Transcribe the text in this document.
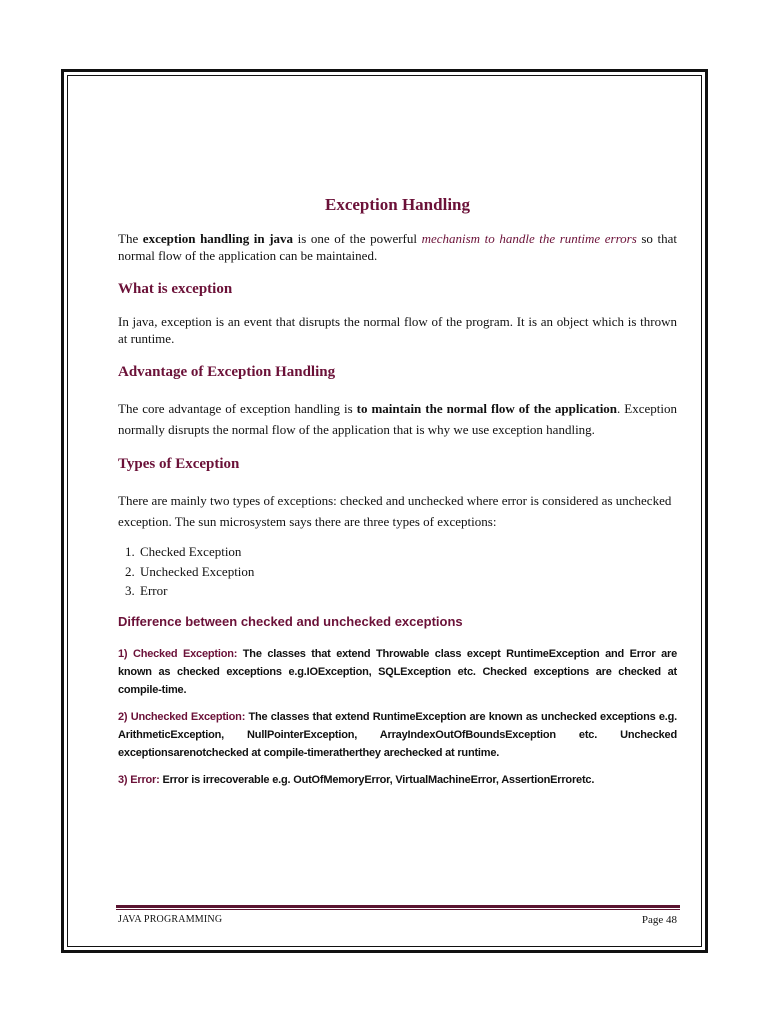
Exception Handling

The exception handling in java is one of the powerful mechanism to handle the runtime errors so that normal flow of the application can be maintained.

What is exception

In java, exception is an event that disrupts the normal flow of the program. It is an object which is thrown at runtime.

Advantage of Exception Handling

The core advantage of exception handling is to maintain the normal flow of the application. Exception normally disrupts the normal flow of the application that is why we use exception handling.

Types of Exception

There are mainly two types of exceptions: checked and unchecked where error is considered as unchecked exception. The sun microsystem says there are three types of exceptions:

1. Checked Exception
2. Unchecked Exception
3. Error
Difference between checked and unchecked exceptions

1) Checked Exception: The classes that extend Throwable class except RuntimeException and Error are known as checked exceptions e.g.IOException, SQLException etc. Checked exceptions are checked at compile-time.

2) Unchecked Exception: The classes that extend RuntimeException are known as unchecked exceptions e.g. ArithmeticException, NullPointerException, ArrayIndexOutOfBoundsException etc. Unchecked exceptionsarenotchecked at compile-timeratherthey arechecked at runtime.

3) Error: Error is irrecoverable e.g. OutOfMemoryError, VirtualMachineError, AssertionErroretc.

JAVA PROGRAMMING	Page 48
